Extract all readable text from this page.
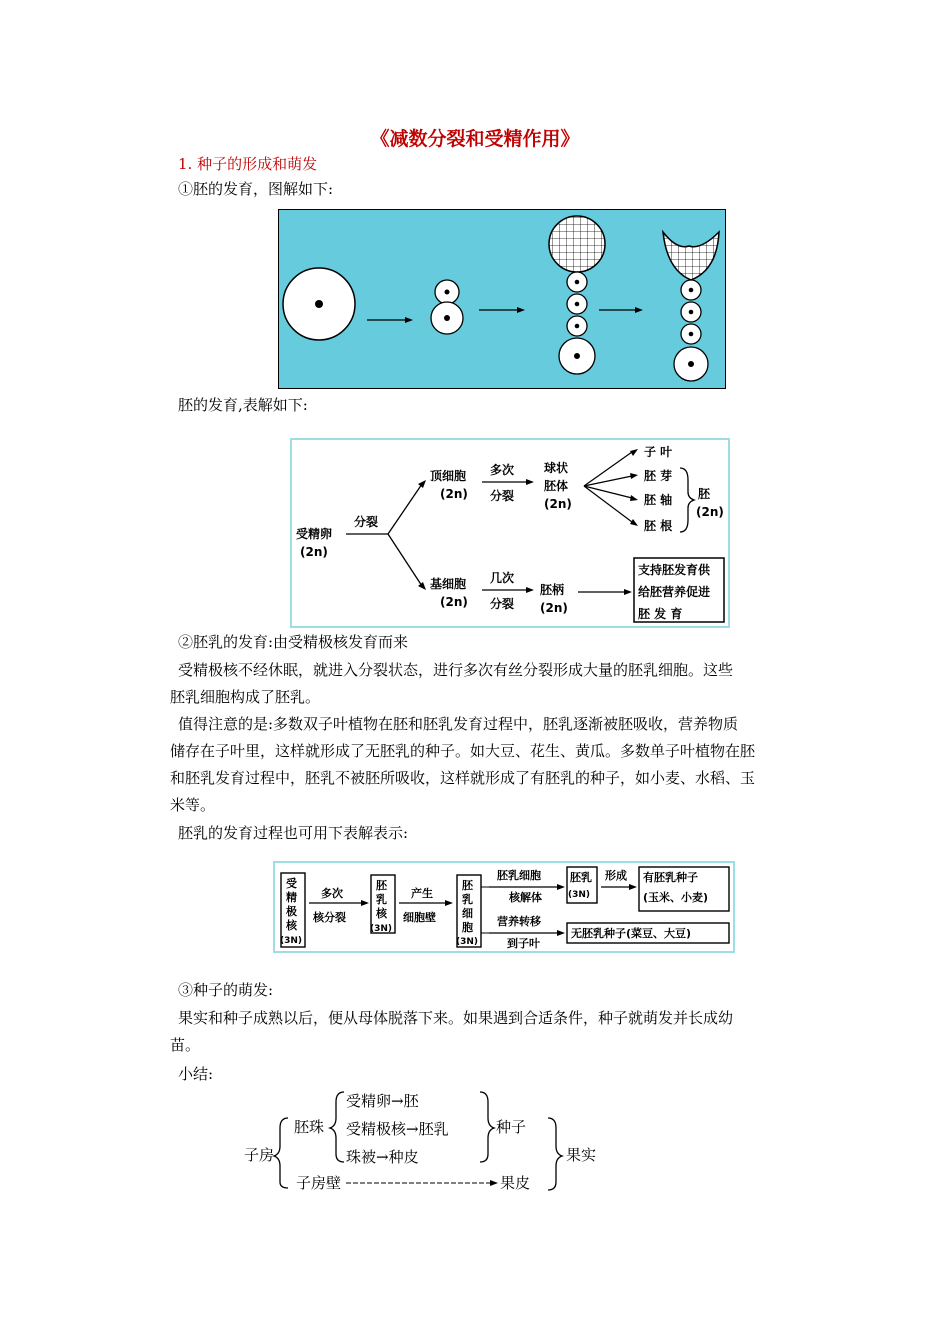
《减数分裂和受精作用》
1. 种子的形成和萌发
①胚的发育，图解如下:
胚的发育,表解如下:
受精卵
(2n)
分裂
顶细胞
(2n)
多次
分裂
球状
胚体
(2n)
子 叶
胚 芽
胚 轴
胚 根
胚
(2n)
基细胞
(2n)
几次
分裂
胚柄
(2n)
支持胚发育供
给胚营养促进
胚 发 育
②胚乳的发育:由受精极核发育而来
受精极核不经休眠，就进入分裂状态，进行多次有丝分裂形成大量的胚乳细胞。这些
胚乳细胞构成了胚乳。
值得注意的是:多数双子叶植物在胚和胚乳发育过程中，胚乳逐渐被胚吸收，营养物质
储存在子叶里，这样就形成了无胚乳的种子。如大豆、花生、黄瓜。多数单子叶植物在胚
和胚乳发育过程中，胚乳不被胚所吸收，这样就形成了有胚乳的种子，如小麦、水稻、玉
米等。
胚乳的发育过程也可用下表解表示:
受
精
极
核
(3N)
多次
核分裂
胚
乳
核
(3N)
产生
细胞壁
胚
乳
细
胞
(3N)
胚乳细胞
核解体
胚乳
(3N)
形成 有胚乳种子
(玉米、小麦)
营养转移
到子叶
无胚乳种子(菜豆、大豆)
③种子的萌发:
果实和种子成熟以后，便从母体脱落下来。如果遇到合适条件，种子就萌发并长成幼
苗。
小结:
子房
胚珠
受精卵→胚
受精极核→胚乳
珠被→种皮
种子
果实
子房壁	果皮
